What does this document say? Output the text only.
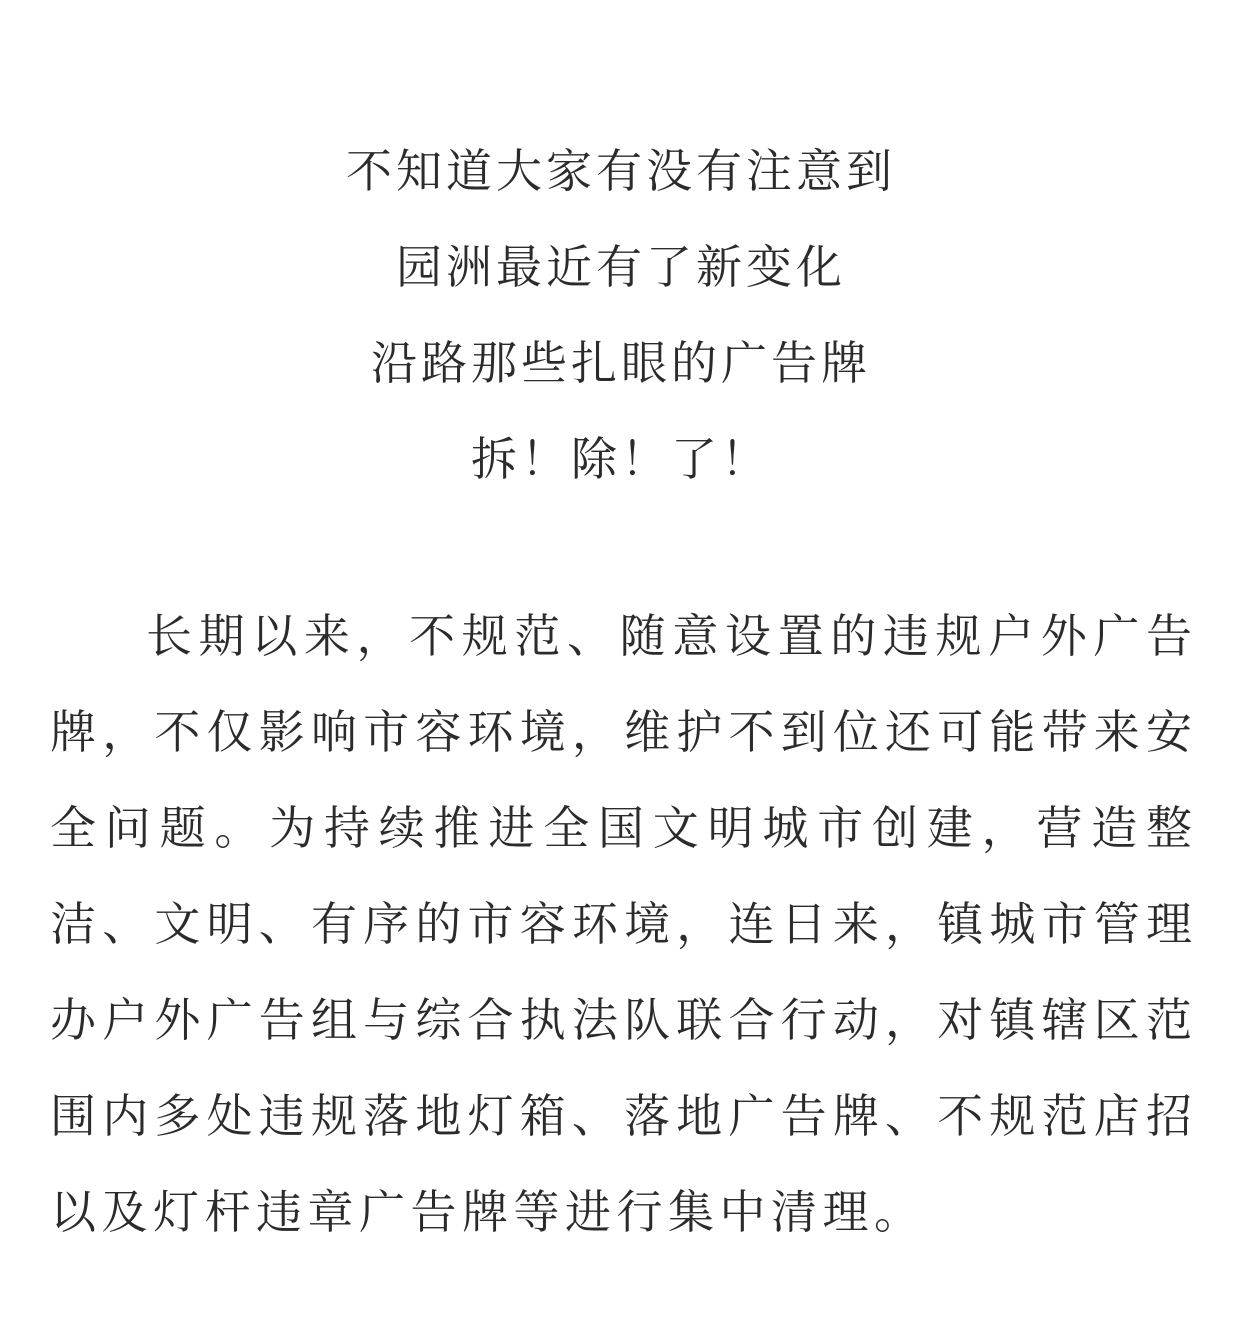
不知道大家有没有注意到
园洲最近有了新变化
沿路那些扎眼的广告牌
拆！除！了！
长期以来，不规范、随意设置的违规户外广告
牌，不仅影响市容环境，维护不到位还可能带来安
全问题。为持续推进全国文明城市创建，营造整
洁、文明、有序的市容环境，连日来，镇城市管理
办户外广告组与综合执法队联合行动，对镇辖区范
围内多处违规落地灯箱、落地广告牌、不规范店招
以及灯杆违章广告牌等进行集中清理。
